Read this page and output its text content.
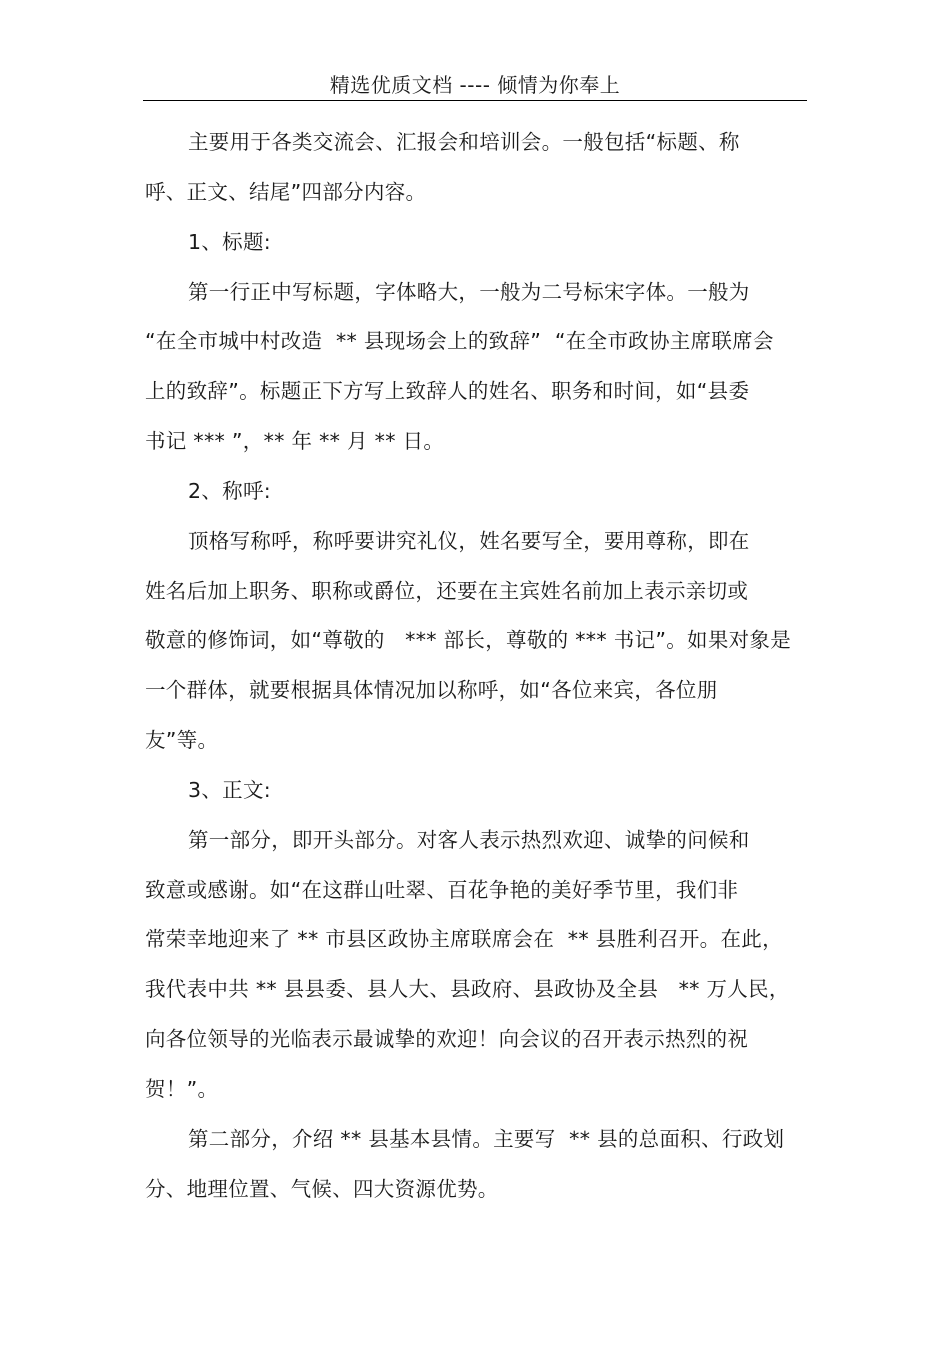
精选优质文档 ---- 倾情为你奉上
主要用于各类交流会、汇报会和培训会。一般包括“标题、称
呼、正文、结尾”四部分内容。
1、标题:
第一行正中写标题，字体略大，一般为二号标宋字体。一般为
“在全市城中村改造  ** 县现场会上的致辞”  “在全市政协主席联席会
上的致辞”。标题正下方写上致辞人的姓名、职务和时间，如“县委
书记 *** ”，** 年 ** 月 ** 日。
2、称呼:
顶格写称呼，称呼要讲究礼仪，姓名要写全，要用尊称，即在
姓名后加上职务、职称或爵位，还要在主宾姓名前加上表示亲切或
敬意的修饰词，如“尊敬的   *** 部长，尊敬的 *** 书记”。如果对象是
一个群体，就要根据具体情况加以称呼，如“各位来宾，各位朋
友”等。
3、正文:
第一部分，即开头部分。对客人表示热烈欢迎、诚挚的问候和
致意或感谢。如“在这群山吐翠、百花争艳的美好季节里，我们非
常荣幸地迎来了 ** 市县区政协主席联席会在  ** 县胜利召开。在此，
我代表中共 ** 县县委、县人大、县政府、县政协及全县   ** 万人民，
向各位领导的光临表示最诚挚的欢迎！向会议的召开表示热烈的祝
贺！”。
第二部分，介绍 ** 县基本县情。主要写  ** 县的总面积、行政划
分、地理位置、气候、四大资源优势。
